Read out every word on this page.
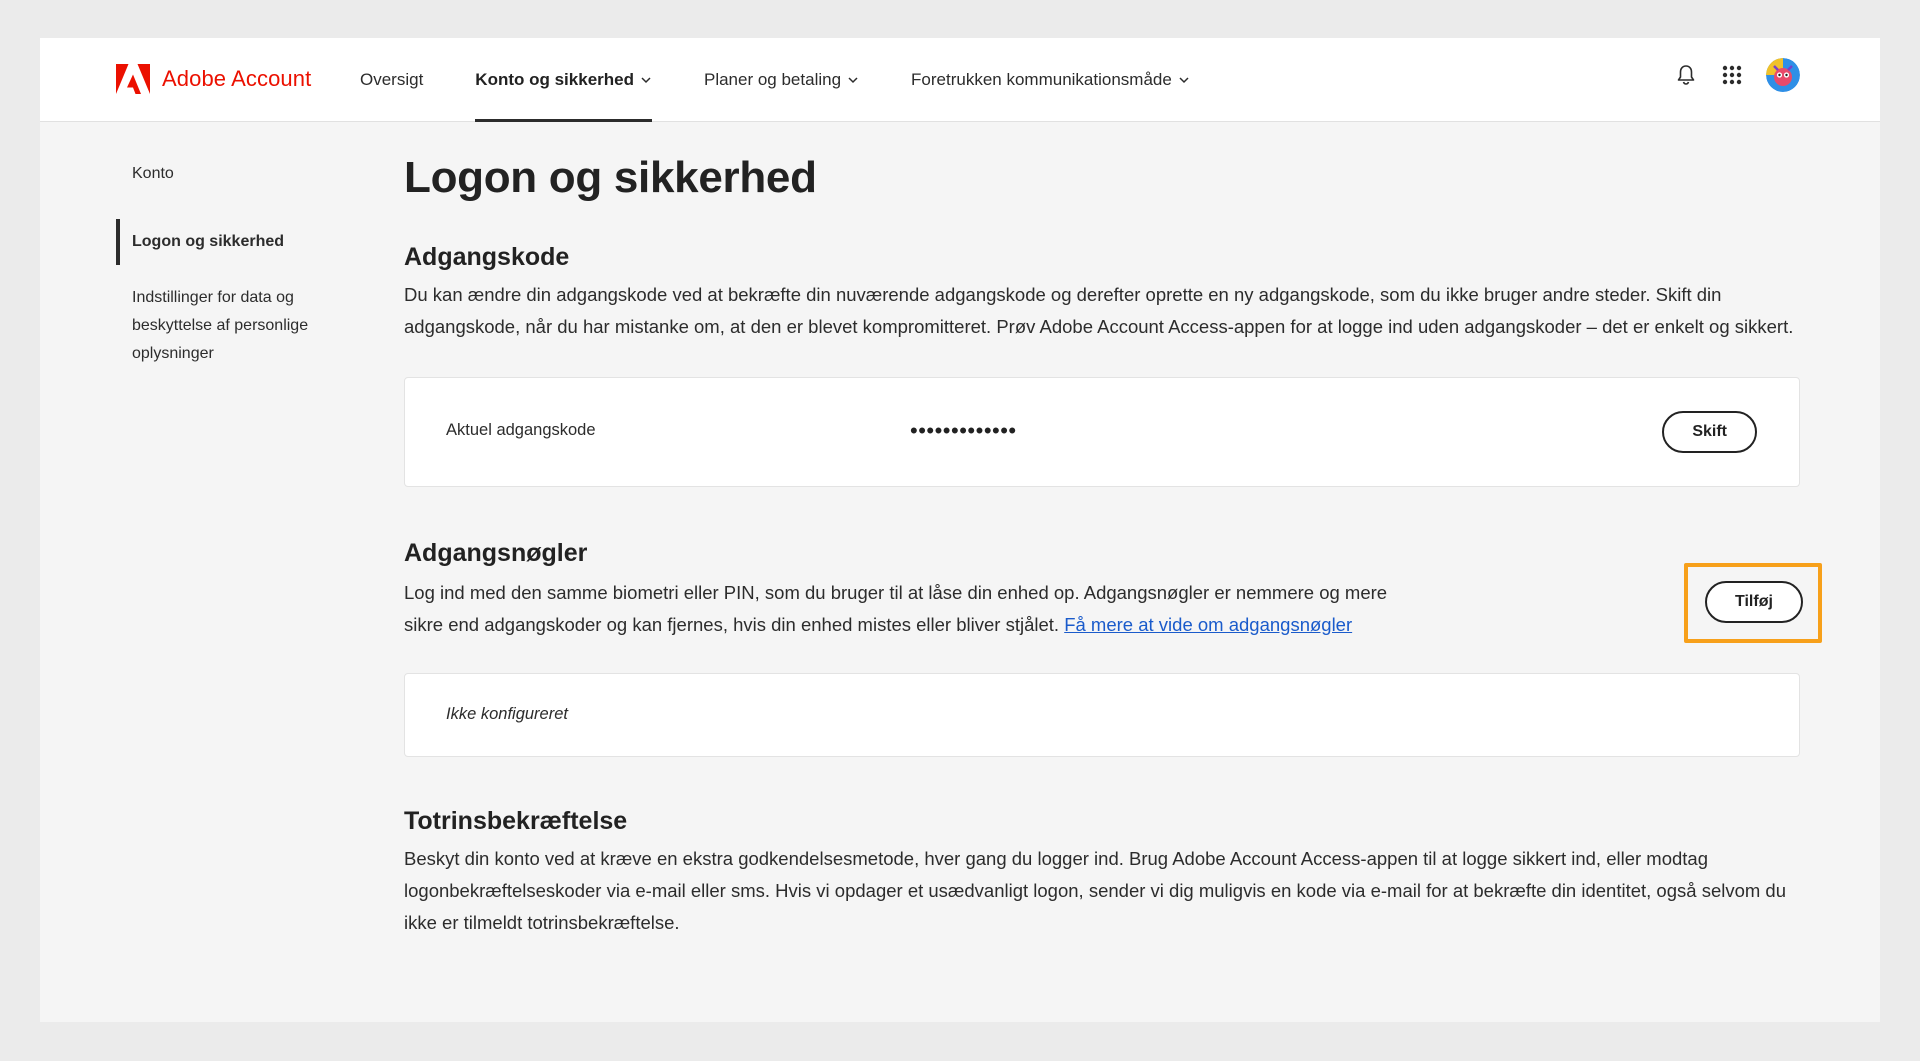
Adobe Account	Oversigt	Konto og sikkerhed	Planer og betaling	Foretrukken kommunikationsmåde
Konto
Logon og sikkerhed
Indstillinger for data og beskyttelse af personlige oplysninger
Logon og sikkerhed
Adgangskode

Du kan ændre din adgangskode ved at bekræfte din nuværende adgangskode og derefter oprette en ny adgangskode, som du ikke bruger andre steder. Skift din adgangskode, når du har mistanke om, at den er blevet kompromitteret. Prøv Adobe Account Access-appen for at logge ind uden adgangskoder – det er enkelt og sikkert.

Aktuel adgangskode	•••••••••••••	Skift
Adgangsnøgler

Log ind med den samme biometri eller PIN, som du bruger til at låse din enhed op. Adgangsnøgler er nemmere og mere sikre end adgangskoder og kan fjernes, hvis din enhed mistes eller bliver stjålet. Få mere at vide om adgangsnøgler

Tilføj
Ikke konfigureret
Totrinsbekræftelse

Beskyt din konto ved at kræve en ekstra godkendelsesmetode, hver gang du logger ind. Brug Adobe Account Access-appen til at logge sikkert ind, eller modtag logonbekræftelseskoder via e-mail eller sms. Hvis vi opdager et usædvanligt logon, sender vi dig muligvis en kode via e-mail for at bekræfte din identitet, også selvom du ikke er tilmeldt totrinsbekræftelse.
